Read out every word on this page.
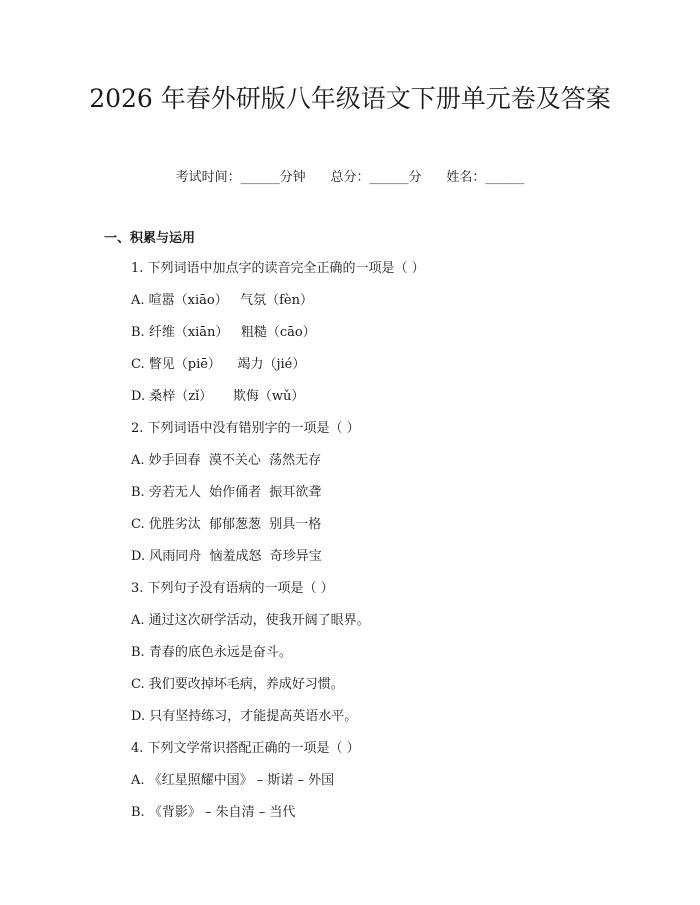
2026 年春外研版八年级语文下册单元卷及答案
考试时间：______分钟 总分：______分 姓名：______
一、积累与运用
1. 下列词语中加点字的读音完全正确的一项是（ ）
A. 喧嚣（xiāo）   气氛（fèn）
B. 纤维（xiān）   粗糙（cāo）
C. 瞥见（piē）    竭力（jié）
D. 桑梓（zǐ）     欺侮（wǔ）
2. 下列词语中没有错别字的一项是（ ）
A. 妙手回春  漠不关心  荡然无存
B. 旁若无人  始作俑者  振耳欲聋
C. 优胜劣汰  郁郁葱葱  别具一格
D. 风雨同舟  恼羞成怒  奇珍异宝
3. 下列句子没有语病的一项是（ ）
A. 通过这次研学活动，使我开阔了眼界。
B. 青春的底色永远是奋斗。
C. 我们要改掉坏毛病，养成好习惯。
D. 只有坚持练习，才能提高英语水平。
4. 下列文学常识搭配正确的一项是（ ）
A. 《红星照耀中国》 – 斯诺 – 外国
B. 《背影》 – 朱自清 – 当代
